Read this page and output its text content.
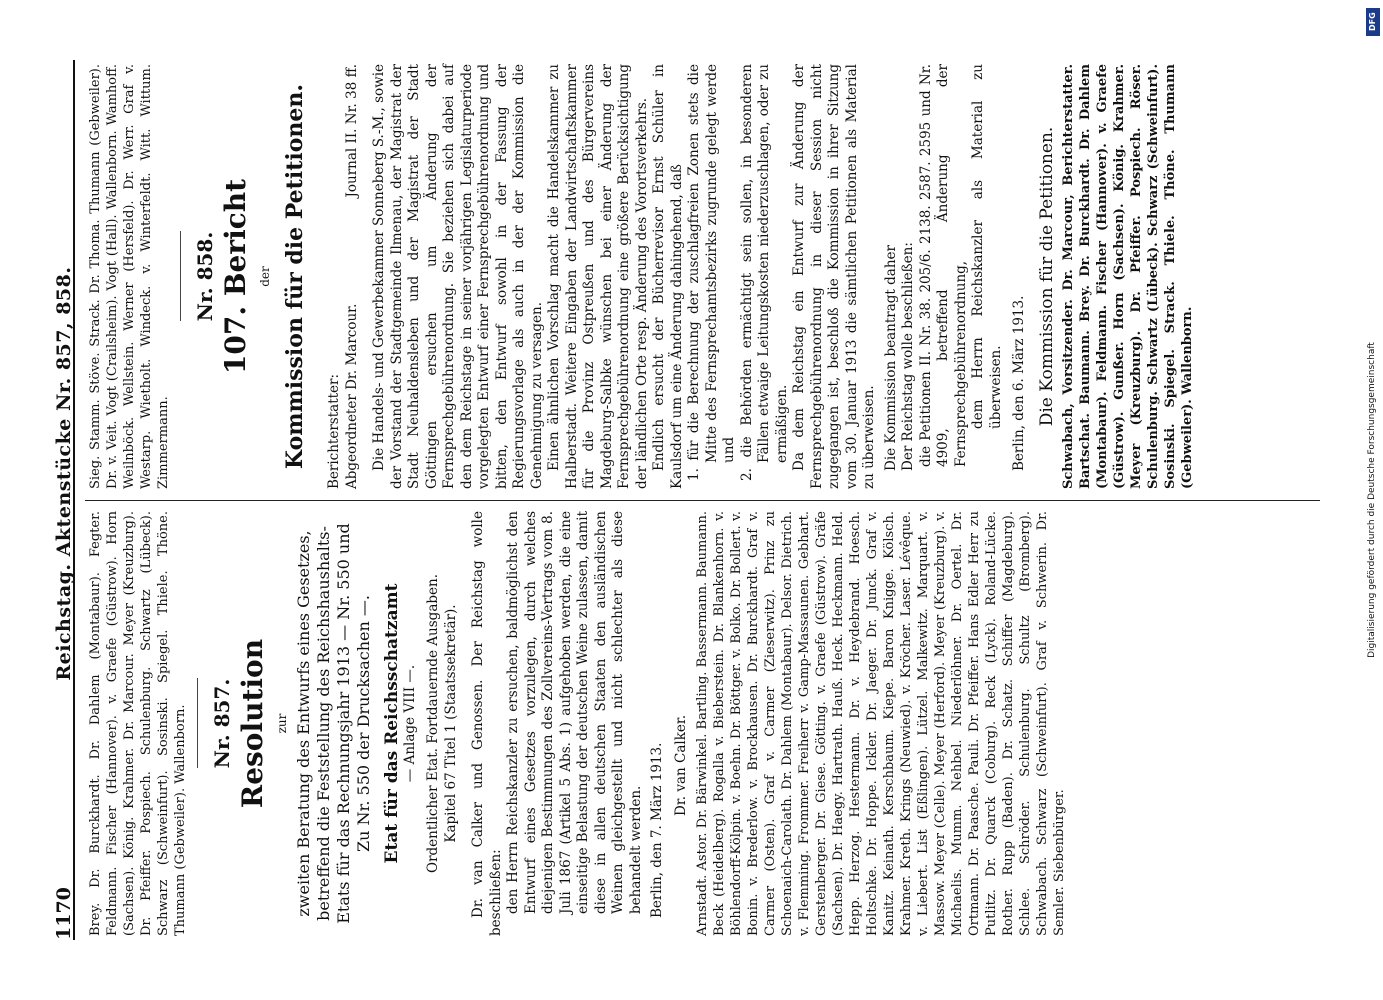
1170
Reichstag. Aktenstücke Nr. 857, 858.

Brey. Dr. Burckhardt. Dr. Dahlem (Montabaur). Fegter. Feldmann. Fischer (Hannover). v. Graefe (Güstrow). Horn (Sachsen). König. Krahmer. Dr. Marcour. Meyer (Kreuzburg). Dr. Pfeiffer. Pospiech. Schulenburg. Schwartz (Lübeck). Schwarz (Schweinfurt). Sosinski. Spiegel. Thiele. Thöne. Thumann (Gebweiler). Wallenborn. Nr. 857. Resolution zur zweiten Beratung des Entwurfs eines Gesetzes, betreffend die Feststellung des Reichshaushalts-Etats für das Rechnungsjahr 1913 — Nr. 550 und Zu Nr. 550 der Drucksachen —. Etat für das Reichsschatzamt — Anlage VIII —. Ordentlicher Etat. Fortdauernde Ausgaben. Kapitel 67 Titel 1 (Staatssekretär). Dr. van Calker und Genossen. Der Reichstag wolle beschließen: den Herrn Reichskanzler zu ersuchen, baldmöglichst den Entwurf eines Gesetzes vorzulegen, durch welches diejenigen Bestimmungen des Zollvereins-Vertrags vom 8. Juli 1867 (Artikel 5 Abs. 1) aufgehoben werden, die eine einseitige Belastung der deutschen Weine zulassen, damit diese in allen deutschen Staaten den ausländischen Weinen gleichgestellt und nicht schlechter als diese behandelt werden. Berlin, den 7. März 1913. Dr. van Calker. Arnstadt. Astor. Dr. Bärwinkel. Bartling. Bassermann. Baumann. Beck (Heidelberg). Rogalla v. Bieberstein. Dr. Blankenhorn. v. Böhlendorff-Kölpin. v. Boehn. Dr. Böttger. v. Bolko. Dr. Bollert. v. Bonin. v. Brederlow. v. Brockhausen. Dr. Burckhardt. Graf v. Carmer (Osten). Graf v. Carmer (Zieserwitz). Prinz zu Schoenaich-Carolath. Dr. Dahlem (Montabaur). Delsor. Dietrich. v. Flemming. Frommer. Freiherr v. Gamp-Massaunen. Gebhart. Gerstenberger. Dr. Giese. Götting. v. Graefe (Güstrow). Gräfe (Sachsen). Dr. Haegy. Hartrath. Hauß. Heck. Heckmann. Held. Hepp. Herzog. Hestermann. Dr. v. Heydebrand. Hoesch. Holtschke. Dr. Hoppe. Ickler. Dr. Jaeger. Dr. Junck. Graf v. Kanitz. Keinath. Kerschbaum. Kiepe. Baron Knigge. Kölsch. Krahmer. Kreth. Krings (Neuwied). v. Kröcher. Laser. Lévêque. v. Liebert. List (Eßlingen). Lützel. Malkewitz. Marquart. v. Massow. Meyer (Celle). Meyer (Herford). Meyer (Kreuzburg). v. Michaelis. Mumm. Nehbel. Niederlöhner. Dr. Oertel. Dr. Ortmann. Dr. Paasche. Pauli. Dr. Pfeiffer. Hans Edler Herr zu Putlitz. Dr. Quarck (Coburg). Reck (Lyck). Roland-Lücke. Rother. Rupp (Baden). Dr. Schatz. Schiffer (Magdeburg). Schlee. Schröder. Schulenburg. Schultz (Bromberg). Schwabach. Schwarz (Schweinfurt). Graf v. Schwerin. Dr. Semler. Siebenbürger.

Sieg. Stamm. Stöve. Strack. Dr. Thoma. Thumann (Gebweiler). Dr. v. Veit. Vogt (Crailsheim). Vogt (Hall). Wallenborn. Wamhoff. Weilnböck. Wellstein. Werner (Hersfeld). Dr. Werr. Graf v. Westarp. Wietholt. Windeck. v. Winterfeldt. Witt. Wittum. Zimmermann.

Nr. 858. 107. Bericht der Kommission für die Petitionen. Berichterstatter: Abgeordneter Dr. Marcour.
Journal II. Nr. 38 ff. Die Handels- und Gewerbekammer Sonneberg S.-M., sowie der Vorstand der Stadtgemeinde Ilmenau, der Magistrat der Stadt Neuhaldensleben und der Magistrat der Stadt Göttingen ersuchen um Änderung der Fernsprechgebührenordnung. Sie beziehen sich dabei auf den dem Reichstage in seiner vorjährigen Legislaturperiode vorgelegten Entwurf einer Fernsprechgebührenordnung und bitten, den Entwurf sowohl in der Fassung der Regierungsvorlage als auch in der der Kommission die Genehmigung zu versagen. Einen ähnlichen Vorschlag macht die Handelskammer zu Halberstadt. Weitere Eingaben der Landwirtschaftskammer für die Provinz Ostpreußen und des Bürgervereins Magdeburg-Salbke wünschen bei einer Änderung der Fernsprechgebührenordnung eine größere Berücksichtigung der ländlichen Orte resp. Änderung des Vorortsverkehrs. Endlich ersucht der Bücherrevisor Ernst Schüler in Kaulsdorf um eine Änderung dahingehend, daß 1. für die Berechnung der zuschlagfreien Zonen stets die Mitte des Fernsprechamtsbezirks zugrunde gelegt werde und 2. die Behörden ermächtigt sein sollen, in besonderen Fällen etwaige Leitungskosten niederzuschlagen, oder zu ermäßigen. Da dem Reichstag ein Entwurf zur Änderung der Fernsprechgebührenordnung in dieser Session nicht zugegangen ist, beschloß die Kommission in ihrer Sitzung vom 30. Januar 1913 die sämtlichen Petitionen als Material zu überweisen. Die Kommission beantragt daher Der Reichstag wolle beschließen: die Petitionen II. Nr. 38. 205/6. 2138. 2587. 2595 und Nr. 4909, betreffend Änderung der Fernsprechgebührenordnung, dem Herrn Reichskanzler als Material zu überweisen. Berlin, den 6. März 1913. Die Kommission für die Petitionen. Schwabach, Vorsitzender. Dr. Marcour, Berichterstatter. Bartschat. Baumann. Brey. Dr. Burckhardt. Dr. Dahlem (Montabaur). Feldmann. Fischer (Hannover). v. Graefe (Güstrow). Gunßer. Horn (Sachsen). König. Krahmer. Meyer (Kreuzburg). Dr. Pfeiffer. Pospiech. Röser. Schulenburg. Schwartz (Lübeck). Schwarz (Schweinfurt). Sosinski. Spiegel. Strack. Thiele. Thöne. Thumann (Gebweiler). Wallenborn.

DFG
Digitalisierung gefördert durch die Deutsche Forschungsgemeinschaft
